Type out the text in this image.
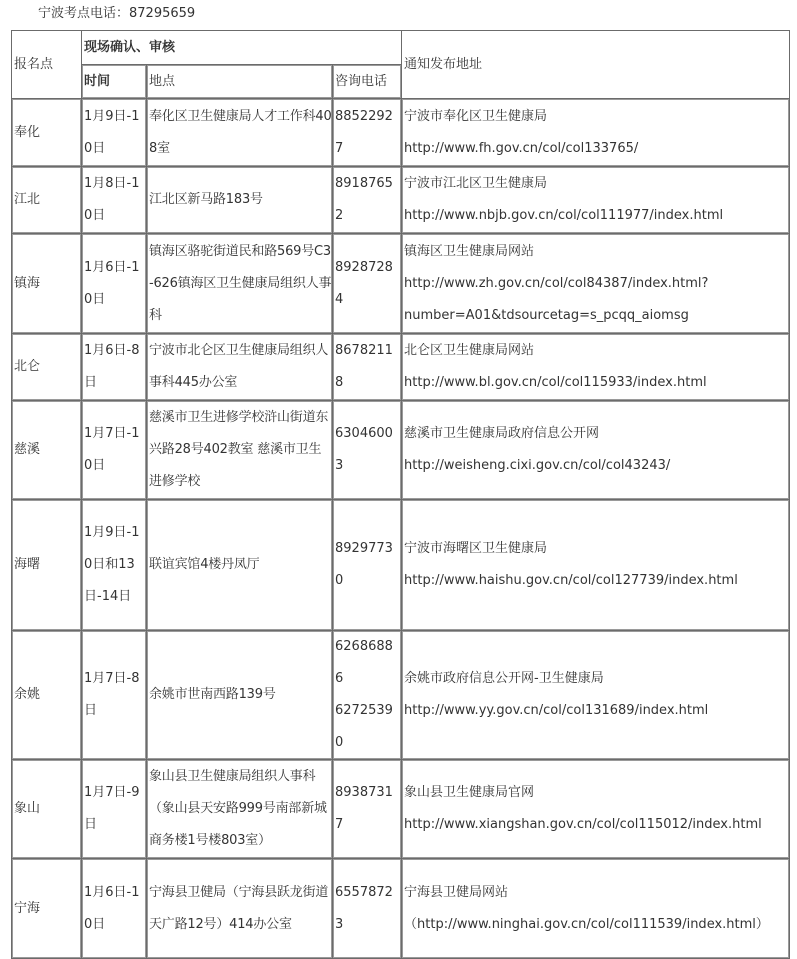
宁波考点电话：87295659
报名点	现场确认、审核			通知发布地址
	时间	地点	咨询电话	
奉化	1月9日-10日	奉化区卫生健康局人才工作科408室	88522927	宁波市奉化区卫生健康局
http://www.fh.gov.cn/col/col133765/

江北	1月8日-10日	江北区新马路183号	89187652	宁波市江北区卫生健康局
http://www.nbjb.gov.cn/col/col111977/index.html

镇海	1月6日-10日	镇海区骆驼街道民和路569号C3-626镇海区卫生健康局组织人事科	89287284	镇海区卫生健康局网站
http://www.zh.gov.cn/col/col84387/index.html?
number=A01&tdsourcetag=s_pcqq_aiomsg

北仑	1月6日-8日	宁波市北仑区卫生健康局组织人事科445办公室	86782118	北仑区卫生健康局网站
http://www.bl.gov.cn/col/col115933/index.html

慈溪	1月7日-10日	慈溪市卫生进修学校浒山街道东兴路28号402教室 慈溪市卫生进修学校	63046003	慈溪市卫生健康局政府信息公开网
http://weisheng.cixi.gov.cn/col/col43243/

海曙	1月9日-10日和13日-14日	联谊宾馆4楼丹凤厅	89297730	宁波市海曙区卫生健康局
http://www.haishu.gov.cn/col/col127739/index.html

余姚	1月7日-8日	余姚市世南西路139号	62686886
62725390	余姚市政府信息公开网-卫生健康局
http://www.yy.gov.cn/col/col131689/index.html

象山	1月7日-9日	象山县卫生健康局组织人事科（象山县天安路999号南部新城商务楼1号楼803室）	89387317	象山县卫生健康局官网
http://www.xiangshan.gov.cn/col/col115012/index.html

宁海	1月6日-10日	宁海县卫健局（宁海县跃龙街道天广路12号）414办公室	65578723	宁海县卫健局网站
（http://www.ninghai.gov.cn/col/col111539/index.html）
